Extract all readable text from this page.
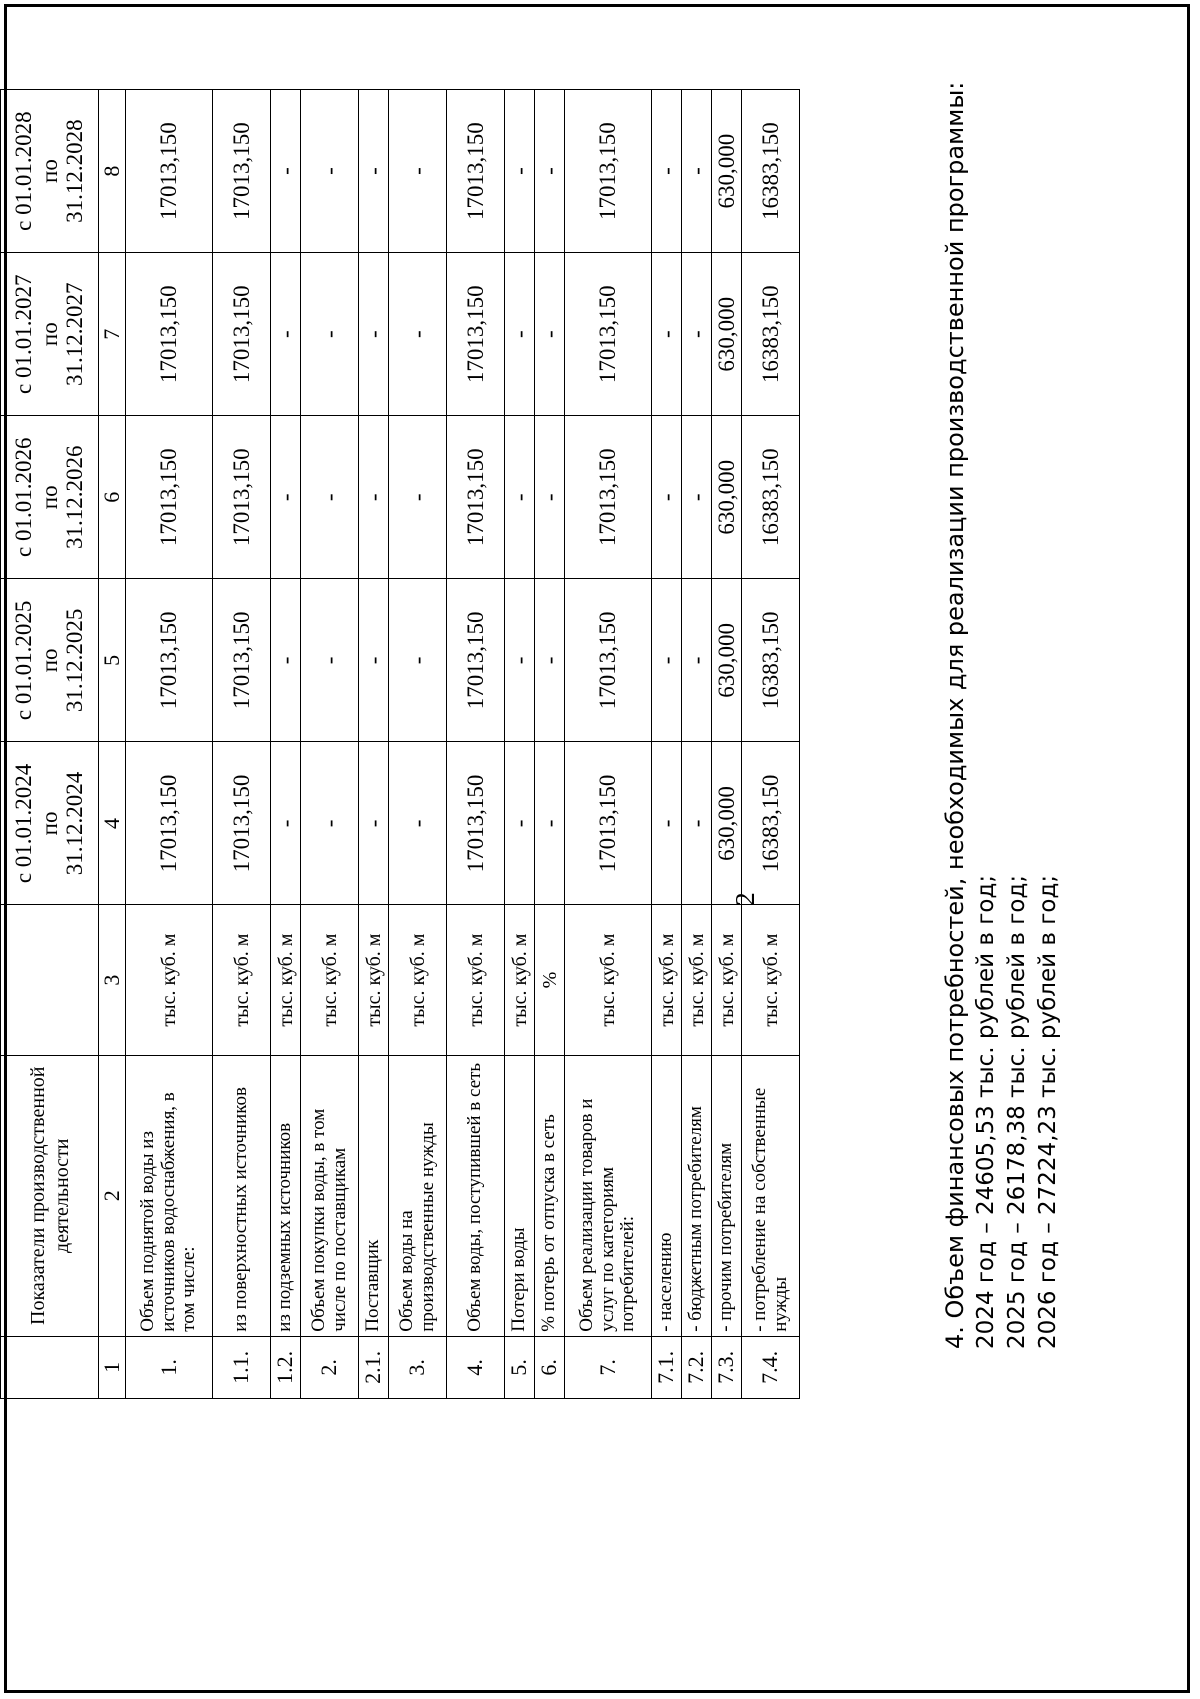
2
	Показатели производственной деятельности		с 01.01.2024 по 31.12.2024	с 01.01.2025 по 31.12.2025	с 01.01.2026 по 31.12.2026	с 01.01.2027 по 31.12.2027	с 01.01.2028 по 31.12.2028

1	2	3	4	5	6	7	8
1.	Объем поднятой воды из источников водоснабжения, в том числе:	тыс. куб. м	17013,150	17013,150	17013,150	17013,150	17013,150
1.1.	из поверхностных источников	тыс. куб. м	17013,150	17013,150	17013,150	17013,150	17013,150
1.2.	из подземных источников	тыс. куб. м	-	-	-	-	-
2.	Объем покупки воды, в том числе по поставщикам	тыс. куб. м	-	-	-	-	-
2.1.	Поставщик	тыс. куб. м	-	-	-	-	-
3.	Объем воды на производственные нужды	тыс. куб. м	-	-	-	-	-
4.	Объем воды, поступившей в сеть	тыс. куб. м	17013,150	17013,150	17013,150	17013,150	17013,150
5.	Потери воды	тыс. куб. м	-	-	-	-	-
6.	% потерь от отпуска в сеть	%	-	-	-	-	-
7.	Объем реализации товаров и услуг по категориям потребителей:	тыс. куб. м	17013,150	17013,150	17013,150	17013,150	17013,150
7.1.	- населению	тыс. куб. м	-	-	-	-	-
7.2.	- бюджетным потребителям	тыс. куб. м	-	-	-	-	-
7.3.	- прочим потребителям	тыс. куб. м	630,000	630,000	630,000	630,000	630,000
7.4.	- потребление на собственные нужды	тыс. куб. м	16383,150	16383,150	16383,150	16383,150	16383,150	4. Объем финансовых потребностей, необходимых для реализации производственной программы: 2024 год – 24605,53 тыс. рублей в год; 2025 год – 26178,38 тыс. рублей в год; 2026 год – 27224,23 тыс. рублей в год;
